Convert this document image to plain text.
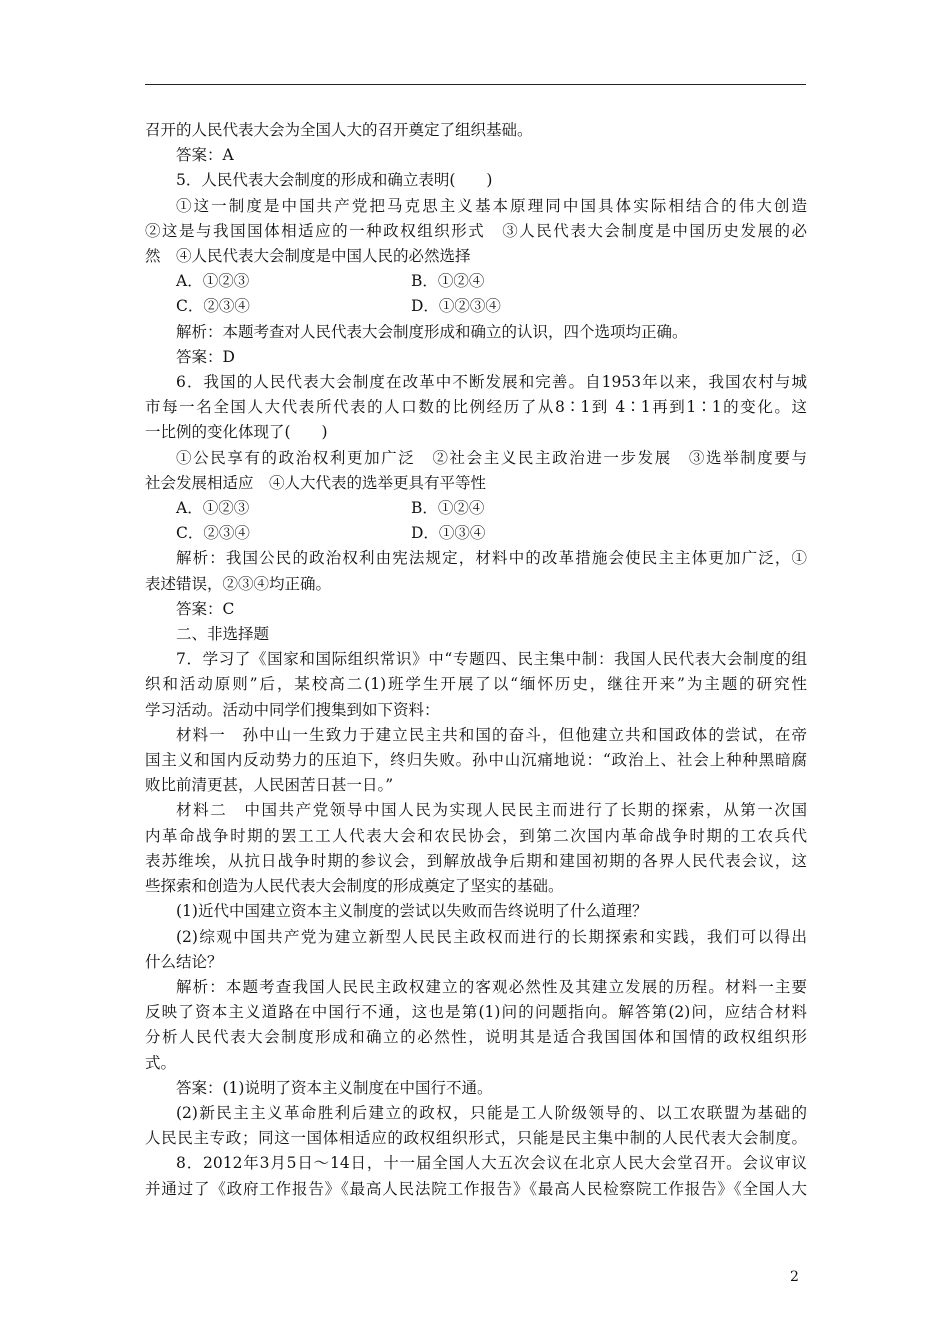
召开的人民代表大会为全国人大的召开奠定了组织基础。

答案：A

5．人民代表大会制度的形成和确立表明(　　)

①这一制度是中国共产党把马克思主义基本原理同中国具体实际相结合的伟大创造

②这是与我国国体相适应的一种政权组织形式　③人民代表大会制度是中国历史发展的必

然　④人民代表大会制度是中国人民的必然选择

A．①②③	B．①②④
C．②③④	D．①②③④

解析：本题考查对人民代表大会制度形成和确立的认识，四个选项均正确。

答案：D

6．我国的人民代表大会制度在改革中不断发展和完善。自1953年以来，我国农村与城

市每一名全国人大代表所代表的人口数的比例经历了从8∶1到 4∶1再到1∶1的变化。这

一比例的变化体现了(　　)

①公民享有的政治权利更加广泛　②社会主义民主政治进一步发展　③选举制度要与

社会发展相适应　④人大代表的选举更具有平等性

A．①②③	B．①②④
C．②③④	D．①③④

解析：我国公民的政治权利由宪法规定，材料中的改革措施会使民主主体更加广泛，①

表述错误，②③④均正确。

答案：C

二、非选择题

7．学习了《国家和国际组织常识》中“专题四、民主集中制：我国人民代表大会制度的组

织和活动原则”后，某校高二(1)班学生开展了以“缅怀历史，继往开来”为主题的研究性

学习活动。活动中同学们搜集到如下资料：

材料一　孙中山一生致力于建立民主共和国的奋斗，但他建立共和国政体的尝试，在帝

国主义和国内反动势力的压迫下，终归失败。孙中山沉痛地说：“政治上、社会上种种黑暗腐

败比前清更甚，人民困苦日甚一日。”

材料二　中国共产党领导中国人民为实现人民民主而进行了长期的探索，从第一次国

内革命战争时期的罢工工人代表大会和农民协会，到第二次国内革命战争时期的工农兵代

表苏维埃，从抗日战争时期的参议会，到解放战争后期和建国初期的各界人民代表会议，这

些探索和创造为人民代表大会制度的形成奠定了坚实的基础。

(1)近代中国建立资本主义制度的尝试以失败而告终说明了什么道理？

(2)综观中国共产党为建立新型人民民主政权而进行的长期探索和实践，我们可以得出

什么结论？

解析：本题考查我国人民民主政权建立的客观必然性及其建立发展的历程。材料一主要

反映了资本主义道路在中国行不通，这也是第(1)问的问题指向。解答第(2)问，应结合材料

分析人民代表大会制度形成和确立的必然性，说明其是适合我国国体和国情的政权组织形

式。

答案：(1)说明了资本主义制度在中国行不通。

(2)新民主主义革命胜利后建立的政权，只能是工人阶级领导的、以工农联盟为基础的

人民民主专政；同这一国体相适应的政权组织形式，只能是民主集中制的人民代表大会制度。

8．2012年3月5日～14日，十一届全国人大五次会议在北京人民大会堂召开。会议审议

并通过了《政府工作报告》《最高人民法院工作报告》《最高人民检察院工作报告》《全国人大

2
